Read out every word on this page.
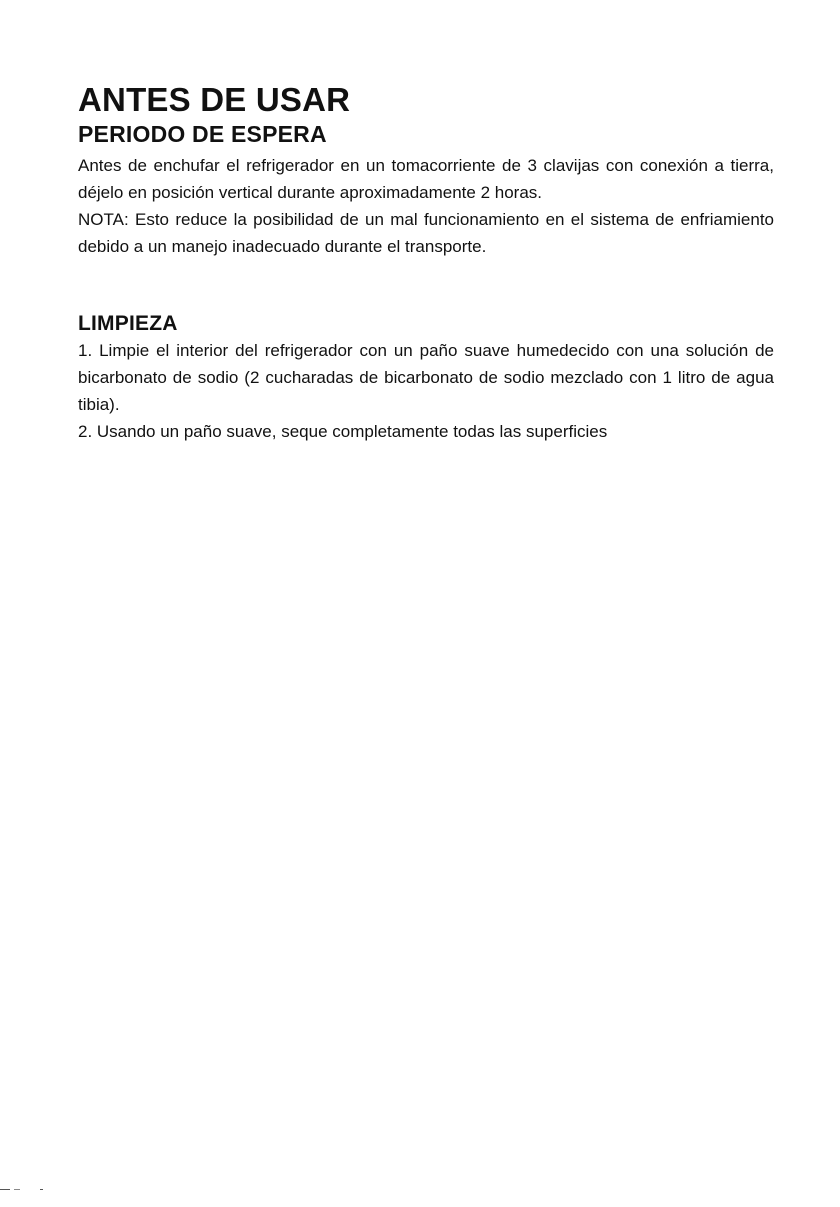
ANTES DE USAR
PERIODO DE ESPERA

Antes de enchufar el refrigerador en un tomacorriente de 3 clavijas con conexión a tierra, déjelo en posición vertical durante aproximadamente 2 horas.

NOTA: Esto reduce la posibilidad de un mal funcionamiento en el sistema de enfriamiento debido a un manejo inadecuado durante el transporte.

LIMPIEZA

1. Limpie el interior del refrigerador con un paño suave humedecido con una solución de bicarbonato de sodio (2 cucharadas de bicarbonato de sodio mezclado con 1 litro de agua tibia).

2. Usando un paño suave, seque completamente todas las superficies
